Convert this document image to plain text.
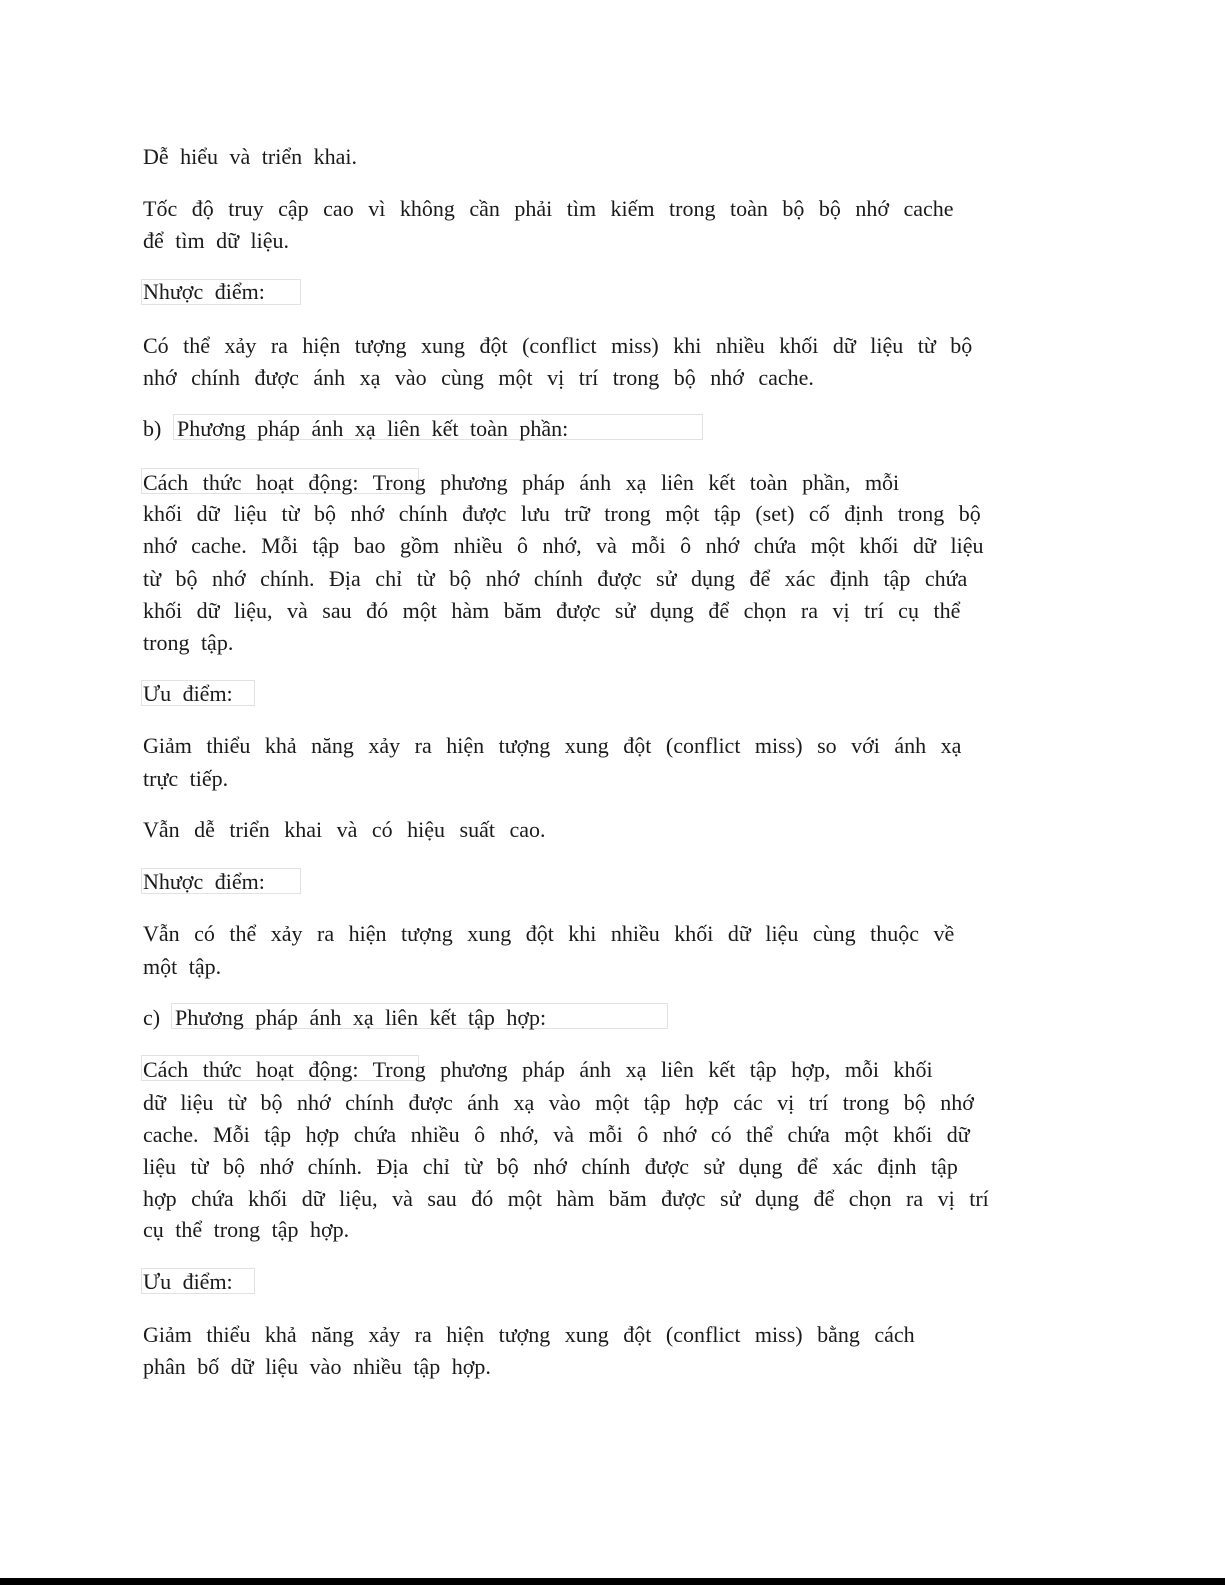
Dễ hiểu và triển khai.
Tốc độ truy cập cao vì không cần phải tìm kiếm trong toàn bộ bộ nhớ cache
để tìm dữ liệu.
Nhược điểm:
Có thể xảy ra hiện tượng xung đột (conflict miss) khi nhiều khối dữ liệu từ bộ
nhớ chính được ánh xạ vào cùng một vị trí trong bộ nhớ cache.
b) Phương pháp ánh xạ liên kết toàn phần:
Cách thức hoạt động: Trong phương pháp ánh xạ liên kết toàn phần, mỗi
khối dữ liệu từ bộ nhớ chính được lưu trữ trong một tập (set) cố định trong bộ
nhớ cache. Mỗi tập bao gồm nhiều ô nhớ, và mỗi ô nhớ chứa một khối dữ liệu
từ bộ nhớ chính. Địa chỉ từ bộ nhớ chính được sử dụng để xác định tập chứa
khối dữ liệu, và sau đó một hàm băm được sử dụng để chọn ra vị trí cụ thể
trong tập.
Ưu điểm:
Giảm thiểu khả năng xảy ra hiện tượng xung đột (conflict miss) so với ánh xạ
trực tiếp.
Vẫn dễ triển khai và có hiệu suất cao.
Nhược điểm:
Vẫn có thể xảy ra hiện tượng xung đột khi nhiều khối dữ liệu cùng thuộc về
một tập.
c) Phương pháp ánh xạ liên kết tập hợp:
Cách thức hoạt động: Trong phương pháp ánh xạ liên kết tập hợp, mỗi khối
dữ liệu từ bộ nhớ chính được ánh xạ vào một tập hợp các vị trí trong bộ nhớ
cache. Mỗi tập hợp chứa nhiều ô nhớ, và mỗi ô nhớ có thể chứa một khối dữ
liệu từ bộ nhớ chính. Địa chỉ từ bộ nhớ chính được sử dụng để xác định tập
hợp chứa khối dữ liệu, và sau đó một hàm băm được sử dụng để chọn ra vị trí
cụ thể trong tập hợp.
Ưu điểm:
Giảm thiểu khả năng xảy ra hiện tượng xung đột (conflict miss) bằng cách
phân bố dữ liệu vào nhiều tập hợp.
